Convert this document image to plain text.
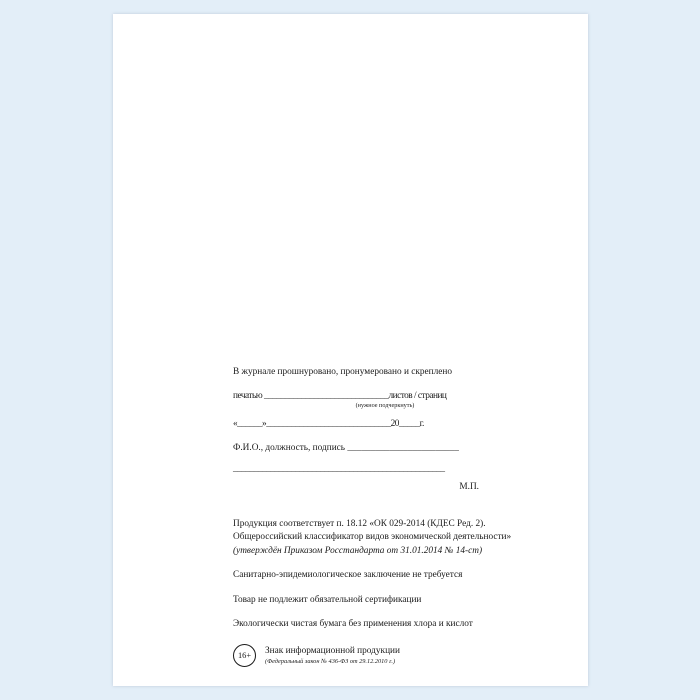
В журнале прошнуровано, пронумеровано и скреплено
печатью ______________________________листов / страниц
(нужное подчеркнуть)
«______»______________________________20_____г.
Ф.И.О., должность, подпись ________________________
___________________________________________________
М.П.
Продукция соответствует п. 18.12 «ОК 029-2014 (КДЕС Ред. 2).
Общероссийский классификатор видов экономической деятельности»
(утверждён Приказом Росстандарта от 31.01.2014 № 14-ст)
Санитарно-эпидемиологическое заключение не требуется
Товар не подлежит обязательной сертификации
Экологически чистая бумага без применения хлора и кислот
16+	Знак информационной продукции
(Федеральный закон № 436-ФЗ от 29.12.2010 г.)
